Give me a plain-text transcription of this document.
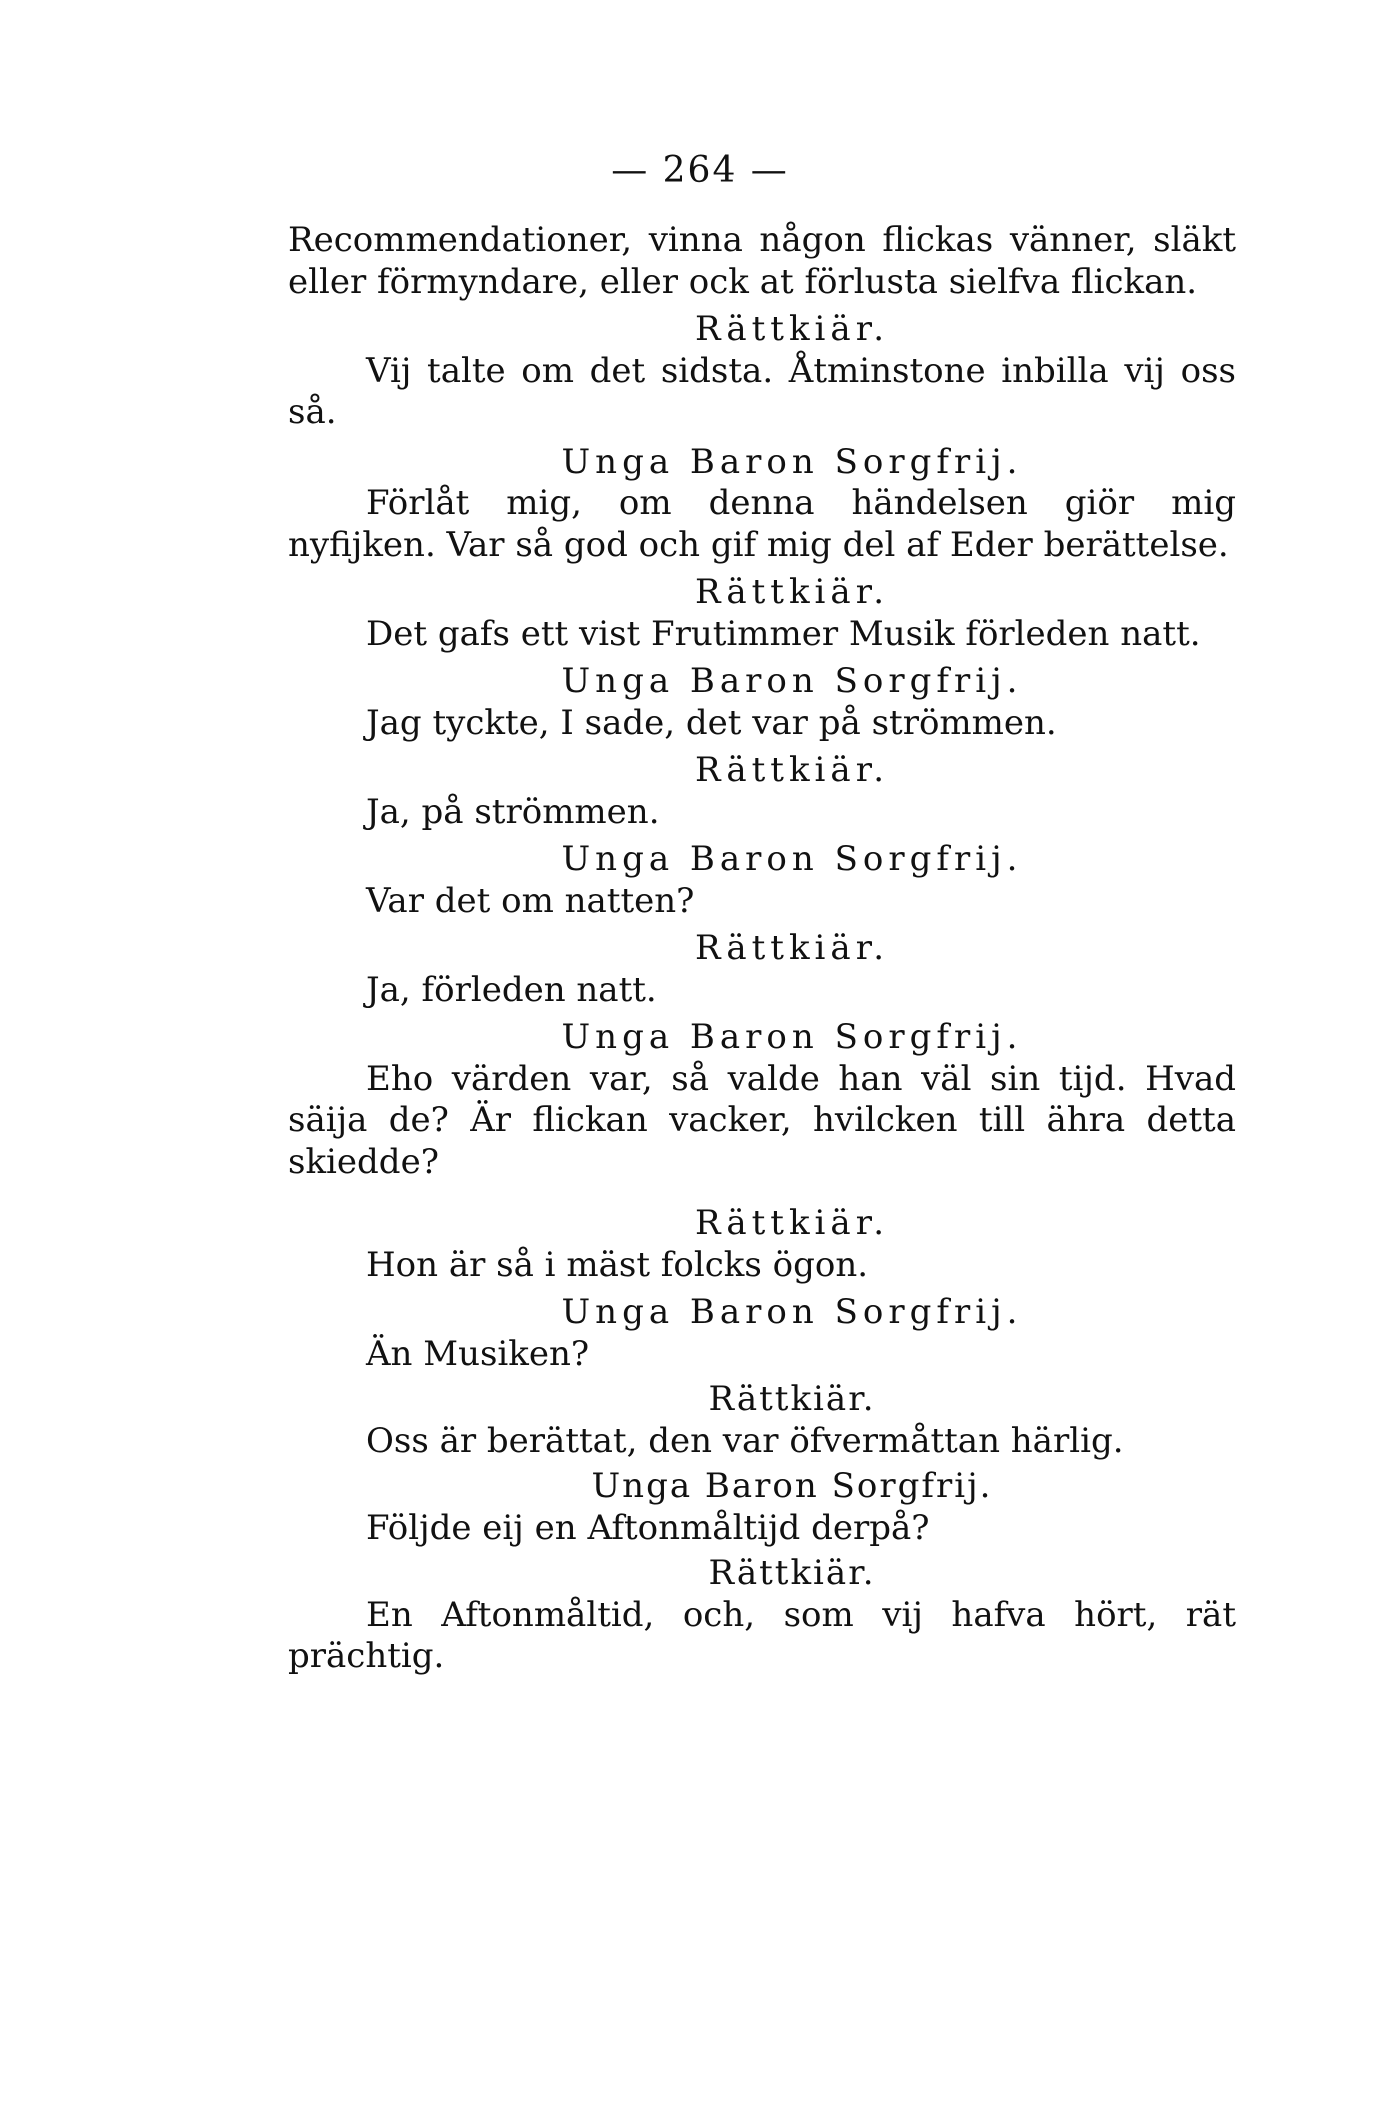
— 264 —

Recommendationer, vinna någon flickas vänner, släkt eller förmyndare, eller ock at förlusta sielfva flickan.

Rättkiär.

Vij talte om det sidsta. Åtminstone inbilla vij oss så.

Unga Baron Sorgfrij.

Förlåt mig, om denna händelsen giör mig nyfijken. Var så god och gif mig del af Eder berättelse.

Rättkiär.

Det gafs ett vist Frutimmer Musik förleden natt.

Unga Baron Sorgfrij.

Jag tyckte, I sade, det var på strömmen.

Rättkiär.

Ja, på strömmen.

Unga Baron Sorgfrij.

Var det om natten?

Rättkiär.

Ja, förleden natt.

Unga Baron Sorgfrij.

Eho värden var, så valde han väl sin tijd. Hvad säija de? Är flickan vacker, hvilcken till ähra detta skiedde?

Rättkiär.

Hon är så i mäst folcks ögon.

Unga Baron Sorgfrij.

Än Musiken?

Rättkiär.

Oss är berättat, den var öfvermåttan härlig.

Unga Baron Sorgfrij.

Följde eij en Aftonmåltijd derpå?

Rättkiär.

En Aftonmåltid, och, som vij hafva hört, rät prächtig.
